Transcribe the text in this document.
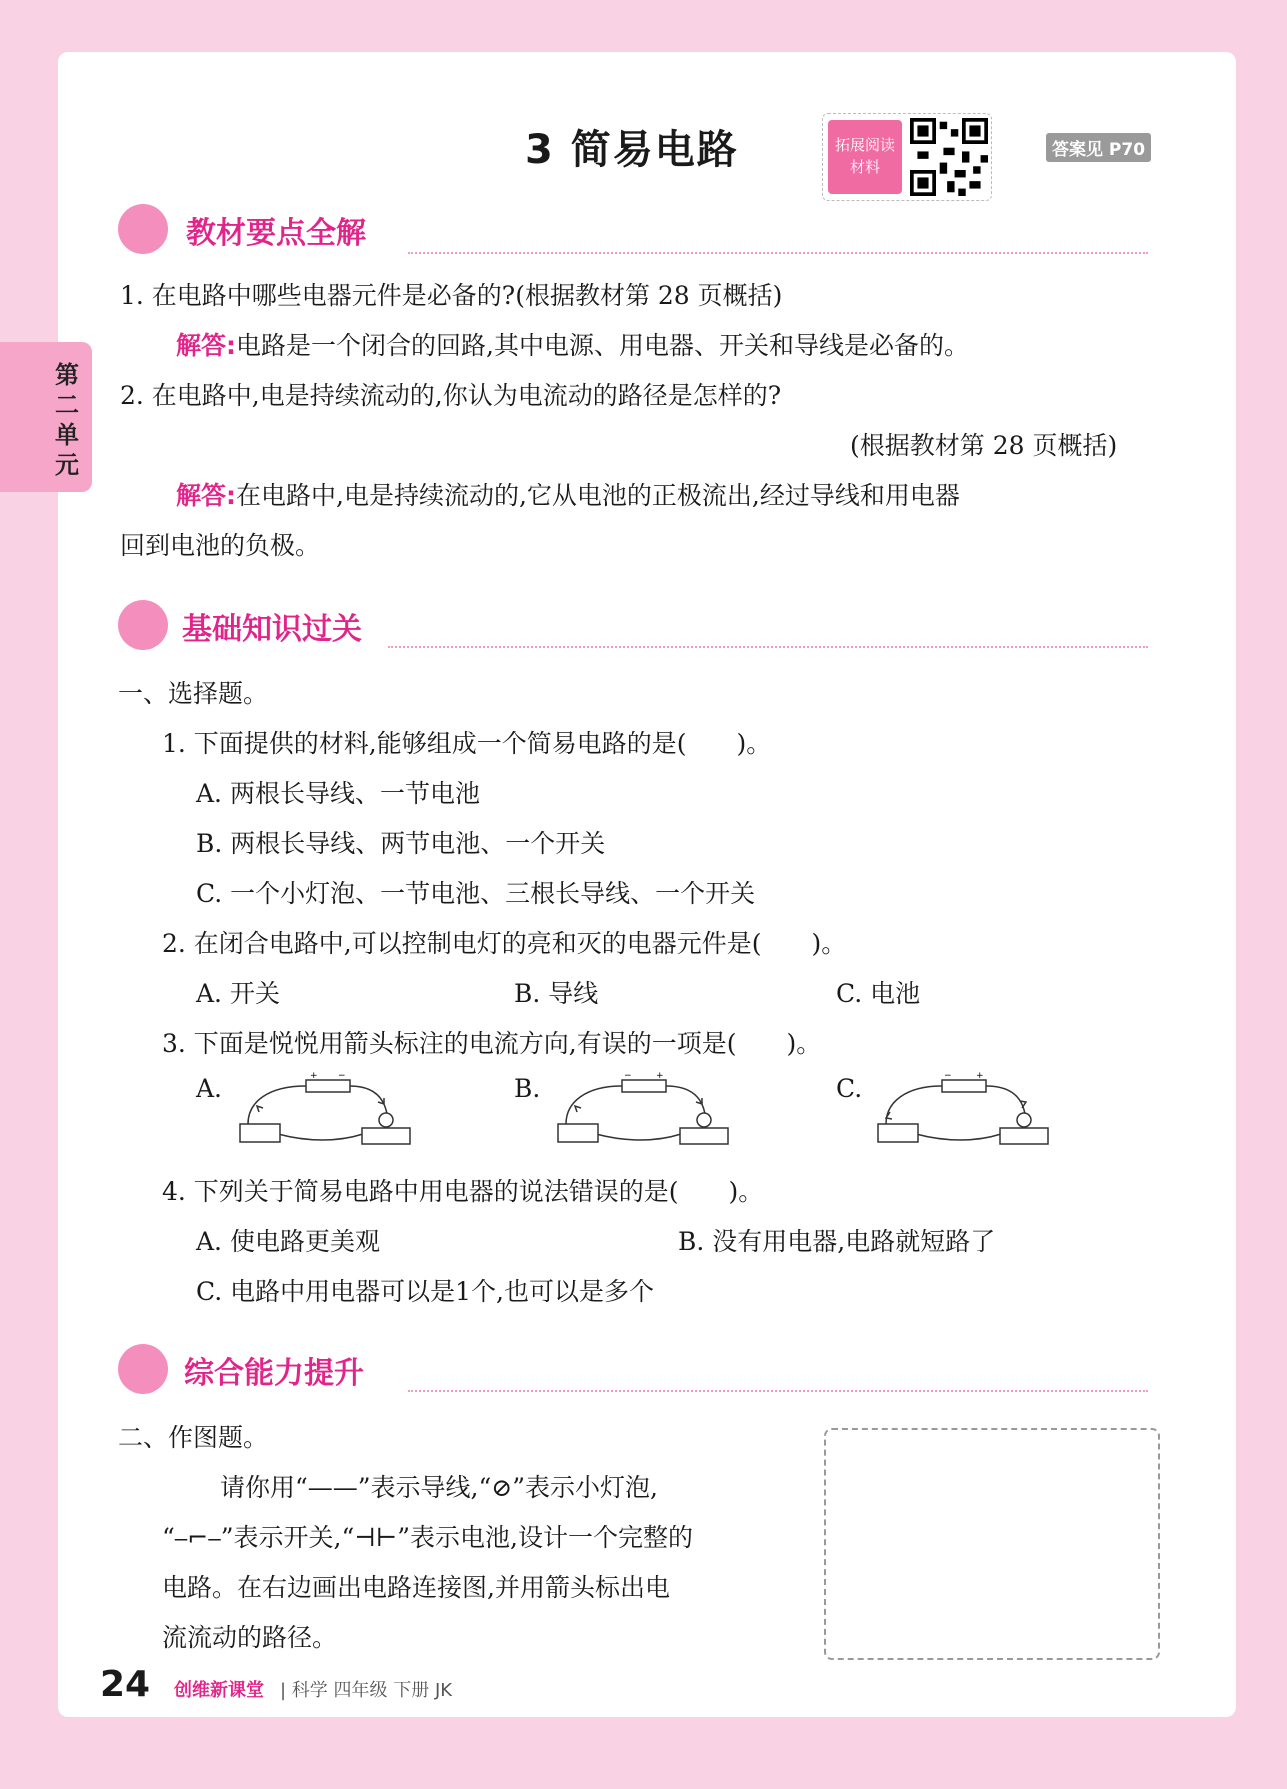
3 简易电路	拓展阅读
材料
答案见 P70
第二单元
教材要点全解
1. 在电路中哪些电器元件是必备的?(根据教材第 28 页概括)
解答:电路是一个闭合的回路,其中电源、用电器、开关和导线是必备的。
2. 在电路中,电是持续流动的,你认为电流动的路径是怎样的?
(根据教材第 28 页概括)
解答:在电路中,电是持续流动的,它从电池的正极流出,经过导线和用电器
回到电池的负极。
基础知识过关
一、选择题。
1. 下面提供的材料,能够组成一个简易电路的是(　　)。
A. 两根长导线、一节电池
B. 两根长导线、两节电池、一个开关
C. 一个小灯泡、一节电池、三根长导线、一个开关
2. 在闭合电路中,可以控制电灯的亮和灭的电器元件是(　　)。
A. 开关	B. 导线	C. 电池
3. 下面是悦悦用箭头标注的电流方向,有误的一项是(　　)。
A.	+ −	B.	−	+	C.	−	+
4. 下列关于简易电路中用电器的说法错误的是(　　)。
A. 使电路更美观	B. 没有用电器,电路就短路了
C. 电路中用电器可以是1个,也可以是多个
综合能力提升
二、作图题。
请你用“——”表示导线,“⊘”表示小灯泡,
“⎯⌐⎯”表示开关,“⊣⊢”表示电池,设计一个完整的
电路。在右边画出电路连接图,并用箭头标出电
流流动的路径。
24 创维新课堂 | 科学 四年级 下册 JK
